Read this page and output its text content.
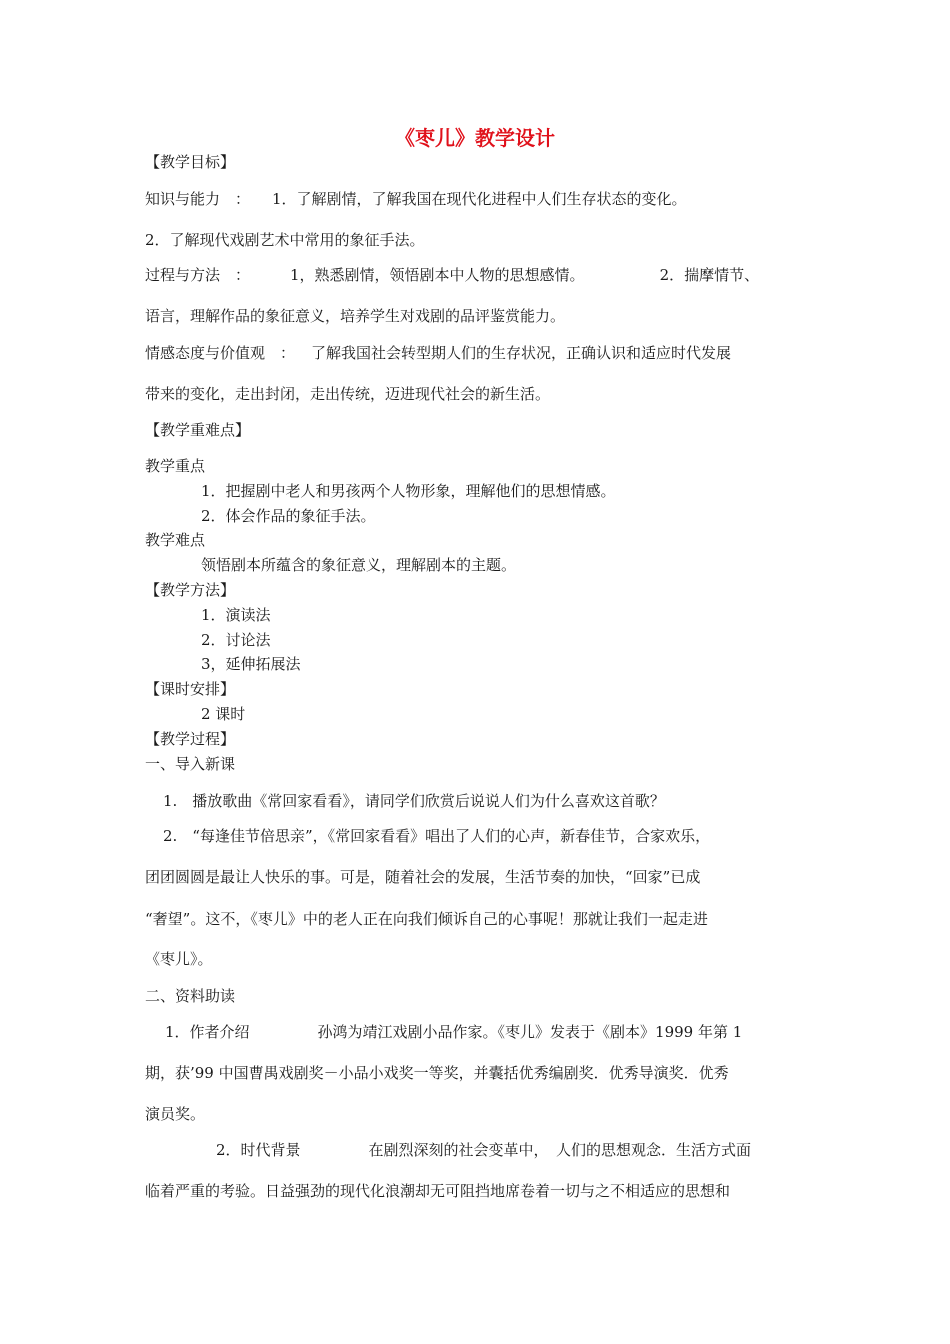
《枣儿》教学设计
【教学目标】
知识与能力　： 1．了解剧情，了解我国在现代化进程中人们生存状态的变化。
2．了解现代戏剧艺术中常用的象征手法。
过程与方法　：	1，熟悉剧情，领悟剧本中人物的思想感情。	2．揣摩情节、
语言，理解作品的象征意义，培养学生对戏剧的品评鉴赏能力。
情感态度与价值观　： 了解我国社会转型期人们的生存状况，正确认识和适应时代发展
带来的变化，走出封闭，走出传统，迈进现代社会的新生活。
【教学重难点】
教学重点
1．把握剧中老人和男孩两个人物形象，理解他们的思想情感。
2．体会作品的象征手法。
教学难点
领悟剧本所蕴含的象征意义，理解剧本的主题。
【教学方法】
1．演读法
2．讨论法
3，延伸拓展法
【课时安排】
2 课时
【教学过程】
一、导入新课
1.　播放歌曲《常回家看看》，请同学们欣赏后说说人们为什么喜欢这首歌？
2.　“每逢佳节倍思亲”，《常回家看看》唱出了人们的心声，新春佳节，合家欢乐，
团团圆圆是最让人快乐的事。可是，随着社会的发展，生活节奏的加快，“回家”已成
“奢望”。这不，《枣儿》中的老人正在向我们倾诉自己的心事呢！那就让我们一起走进
《枣儿》。
二、资料助读
1．作者介绍	孙鸿为靖江戏剧小品作家。《枣儿》发表于《剧本》1999 年第 1
期，获’99 中国曹禺戏剧奖－小品小戏奖一等奖，并囊括优秀编剧奖．优秀导演奖．优秀
演员奖。
2．时代背景	在剧烈深刻的社会变革中，　人们的思想观念．生活方式面
临着严重的考验。日益强劲的现代化浪潮却无可阻挡地席卷着一切与之不相适应的思想和
